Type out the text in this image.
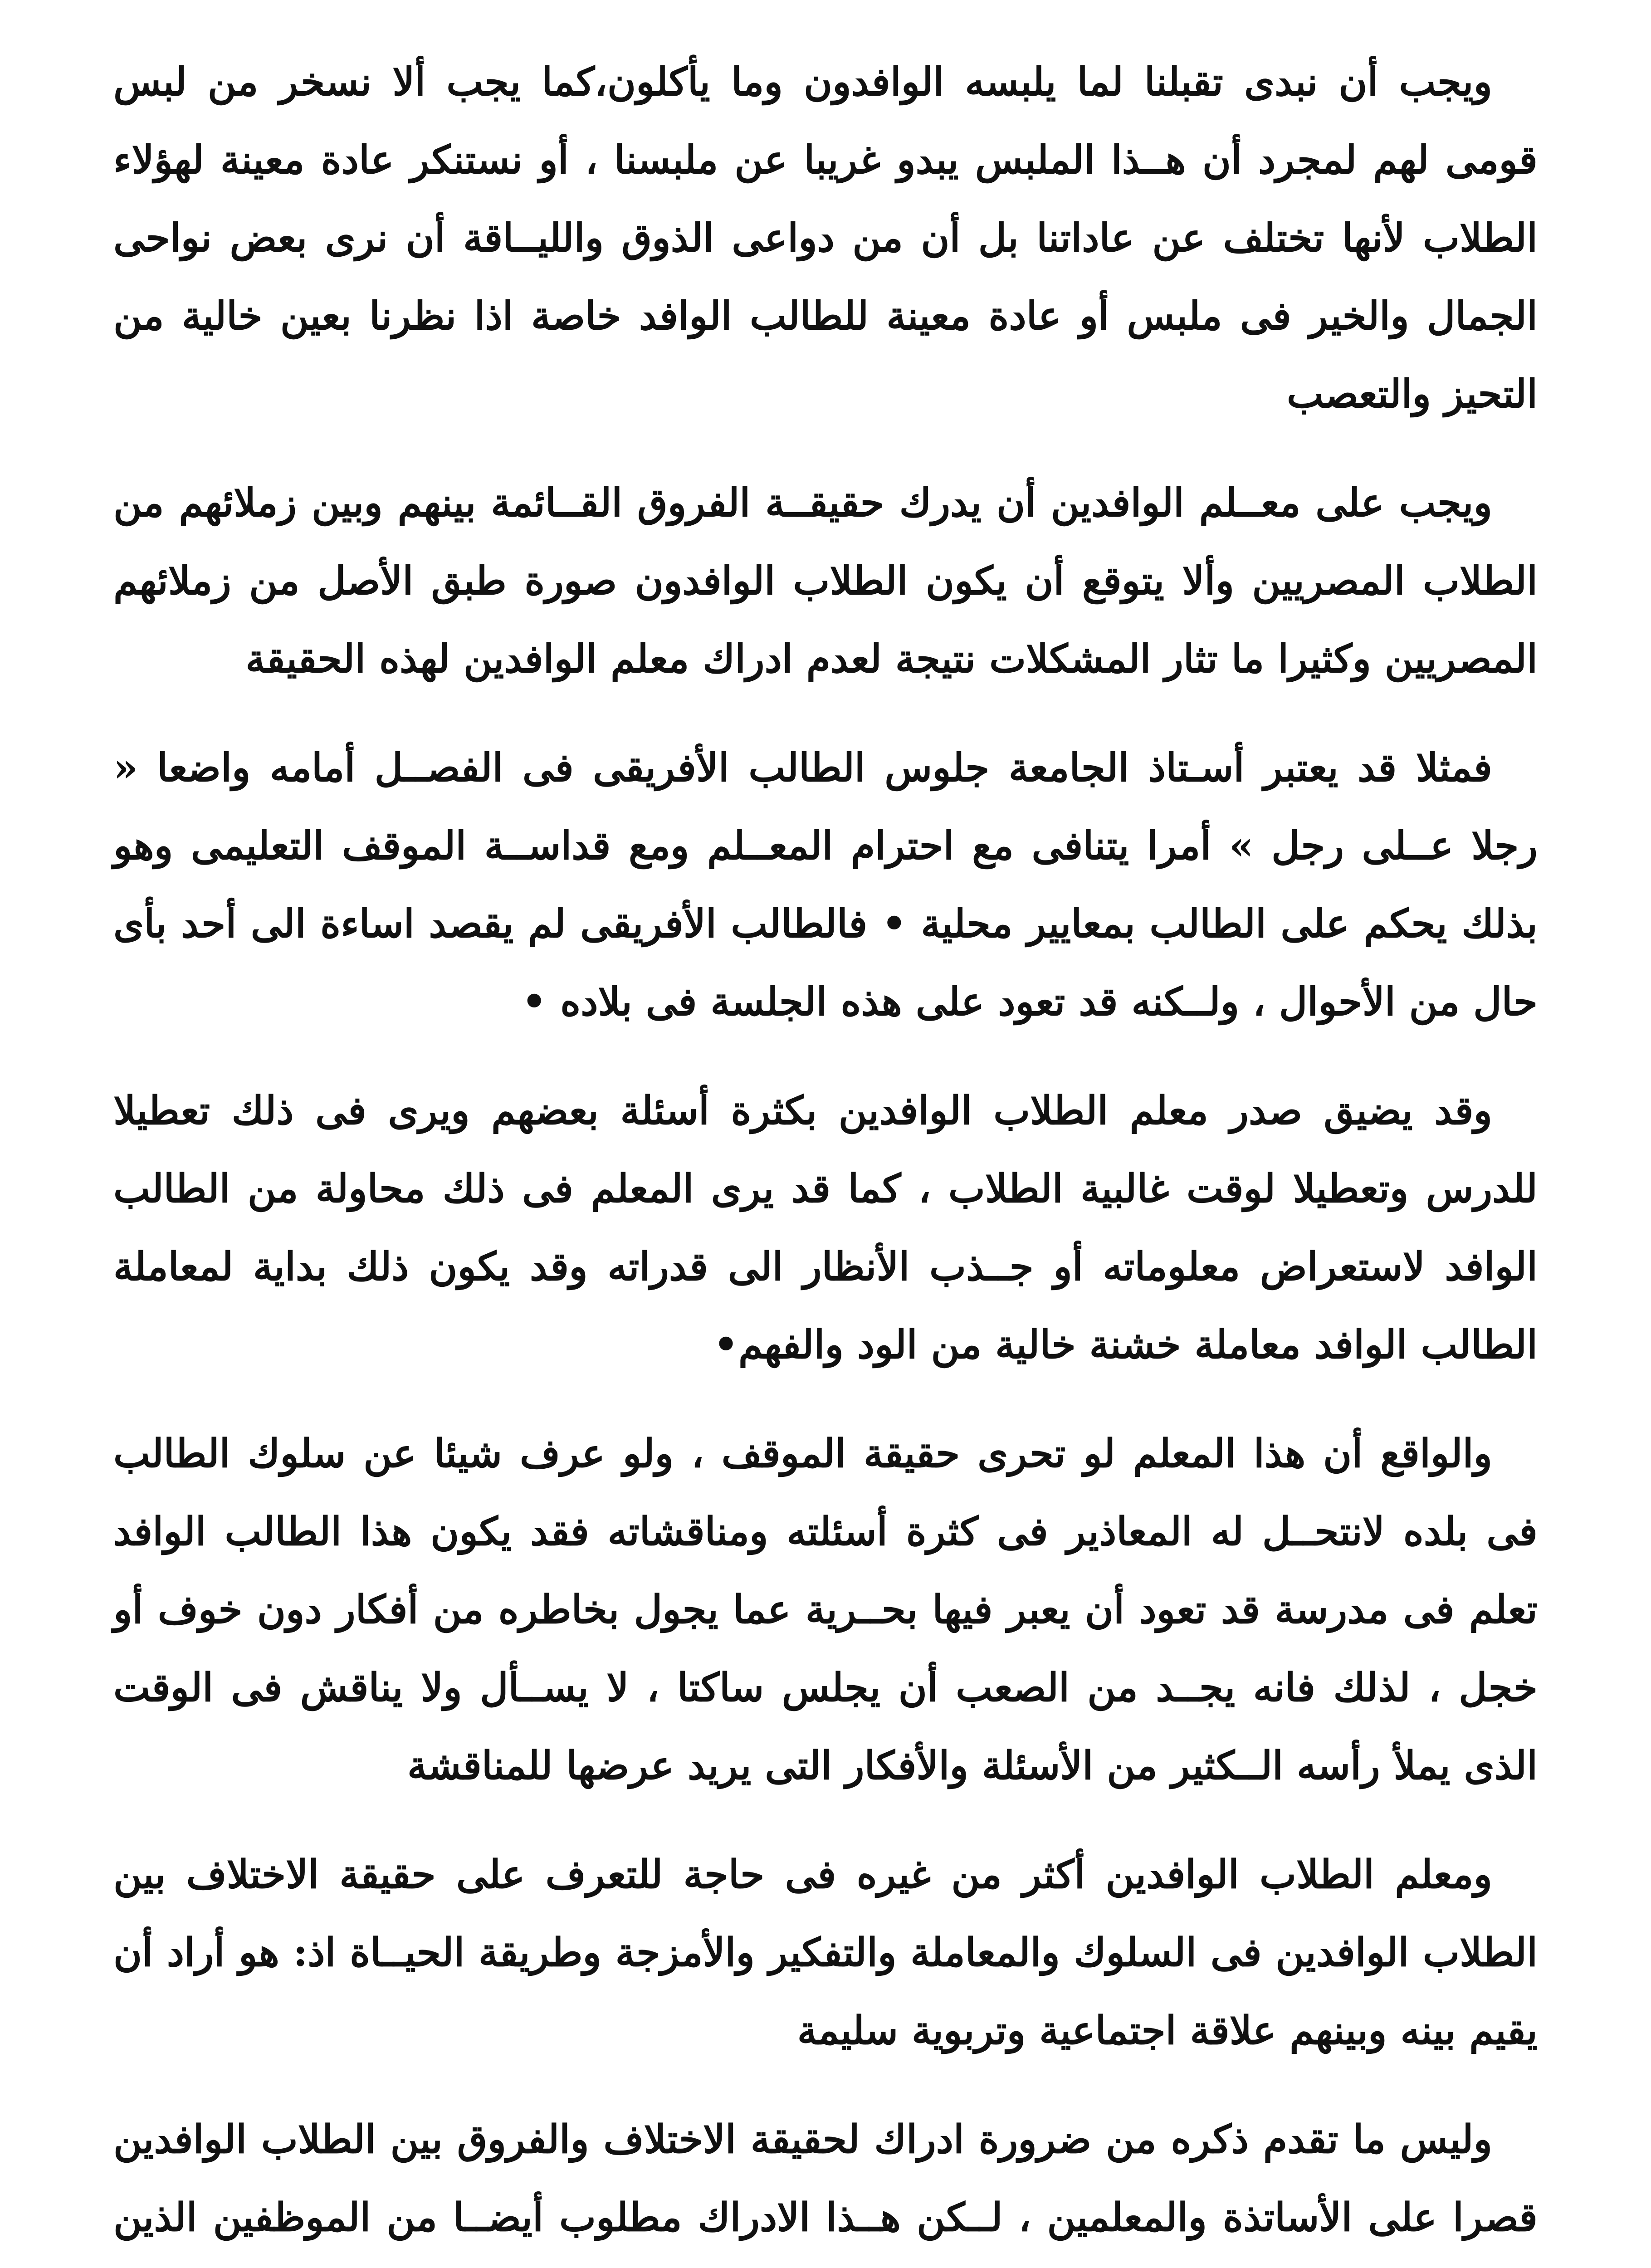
ويجب أن نبدى تقبلنا لما يلبسه الوافدون وما يأكلون،كما يجب ألا نسخر من لبس قومى لهم لمجرد أن هــذا الملبس يبدو غريبا عن ملبسنا ، أو نستنكر عادة معينة لهؤلاء الطلاب لأنها تختلف عن عاداتنا بل أن من دواعى الذوق والليــاقة أن نرى بعض نواحى الجمال والخير فى ملبس أو عادة معينة للطالب الوافد خاصة اذا نظرنا بعين خالية من التحيز والتعصب

ويجب على معــلم الوافدين أن يدرك حقيقــة الفروق القــائمة بينهم وبين زملائهم من الطلاب المصريين وألا يتوقع أن يكون الطلاب الوافدون صورة طبق الأصل من زملائهم المصريين وكثيرا ما تثار المشكلات نتيجة لعدم ادراك معلم الوافدين لهذه الحقيقة

فمثلا قد يعتبر أسـتاذ الجامعة جلوس الطالب الأفريقى فى الفصــل أمامه واضعا « رجلا عــلى رجل » أمرا يتنافى مع احترام المعــلم ومع قداســة الموقف التعليمى وهو بذلك يحكم على الطالب بمعايير محلية • فالطالب الأفريقى لم يقصد اساءة الى أحد بأى حال من الأحوال ، ولــكنه قد تعود على هذه الجلسة فى بلاده •

وقد يضيق صدر معلم الطلاب الوافدين بكثرة أسئلة بعضهم ويرى فى ذلك تعطيلا للدرس وتعطيلا لوقت غالبية الطلاب ، كما قد يرى المعلم فى ذلك محاولة من الطالب الوافد لاستعراض معلوماته أو جــذب الأنظار الى قدراته وقد يكون ذلك بداية لمعاملة الطالب الوافد معاملة خشنة خالية من الود والفهم•

والواقع أن هذا المعلم لو تحرى حقيقة الموقف ، ولو عرف شيئا عن سلوك الطالب فى بلده لانتحــل له المعاذير فى كثرة أسئلته ومناقشاته فقد يكون هذا الطالب الوافد تعلم فى مدرسة قد تعود أن يعبر فيها بحــرية عما يجول بخاطره من أفكار دون خوف أو خجل ، لذلك فانه يجــد من الصعب أن يجلس ساكتا ، لا يســأل ولا يناقش فى الوقت الذى يملأ رأسه الــكثير من الأسئلة والأفكار التى يريد عرضها للمناقشة

ومعلم الطلاب الوافدين أكثر من غيره فى حاجة للتعرف على حقيقة الاختلاف بين الطلاب الوافدين فى السلوك والمعاملة والتفكير والأمزجة وطريقة الحيــاة اذ: هو أراد أن يقيم بينه وبينهم علاقة اجتماعية وتربوية سليمة

وليس ما تقدم ذكره من ضرورة ادراك لحقيقة الاختلاف والفروق بين الطلاب الوافدين قصرا على الأساتذة والمعلمين ، لــكن هــذا الادراك مطلوب أيضــا من الموظفين الذين
